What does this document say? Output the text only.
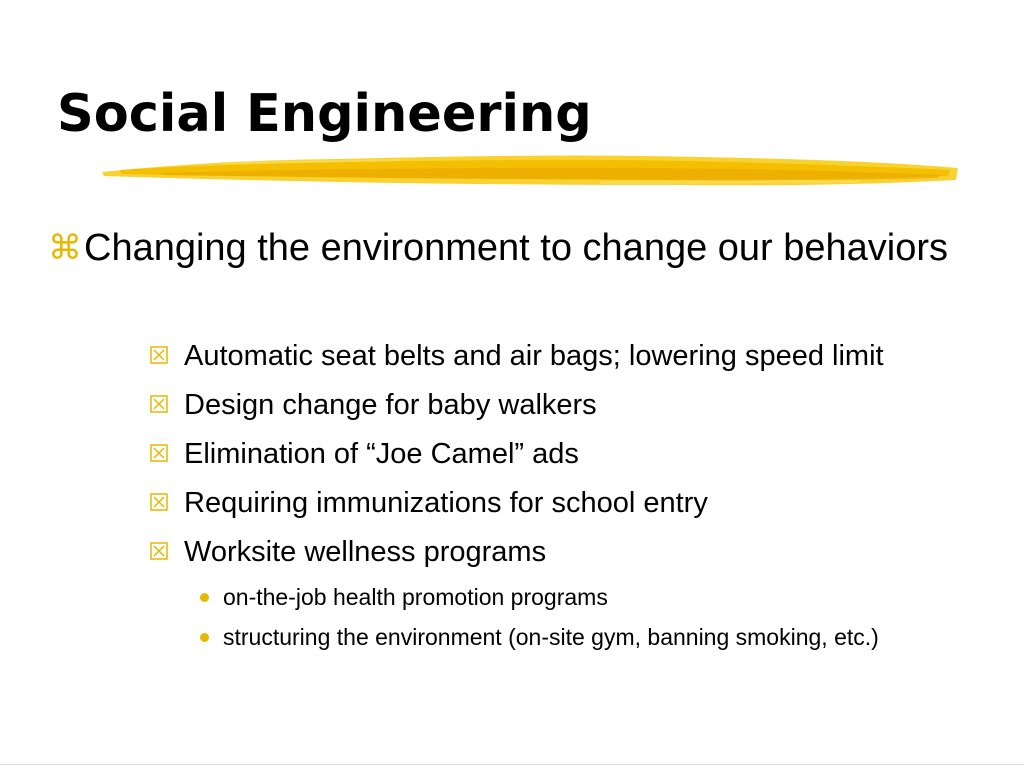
Social Engineering
⌘ Changing the environment to change our behaviors
Automatic seat belts and air bags; lowering speed limit
Design change for baby walkers
Elimination of “Joe Camel” ads
Requiring immunizations for school entry
Worksite wellness programs
on-the-job health promotion programs
structuring the environment (on-site gym, banning smoking, etc.)
